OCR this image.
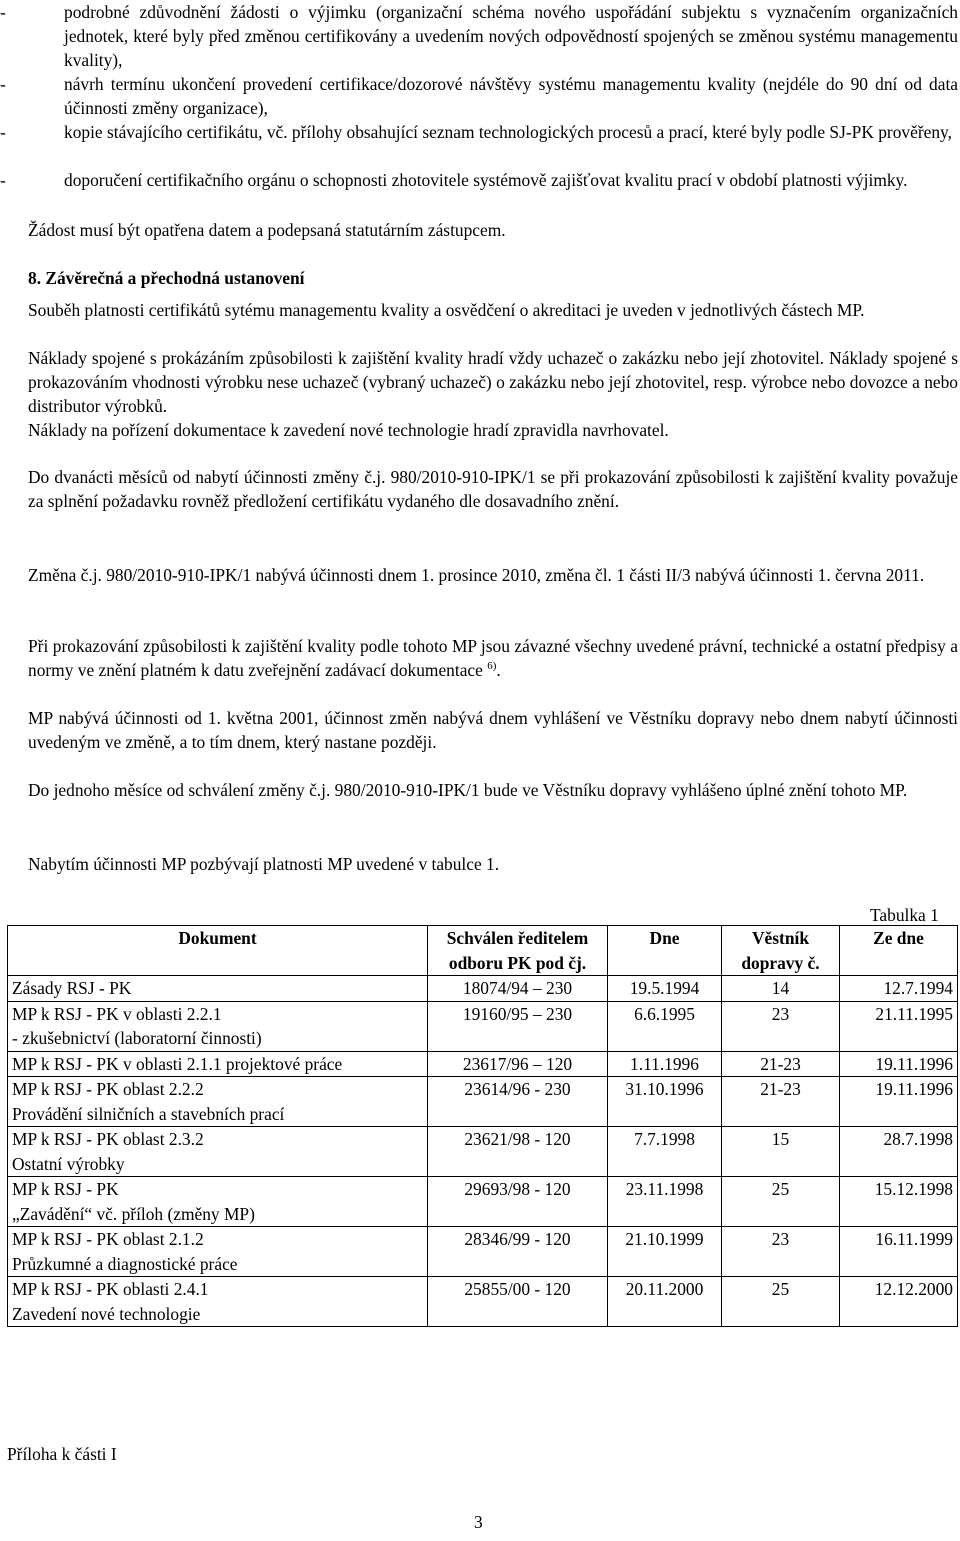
-	podrobné zdůvodnění žádosti o výjimku (organizační schéma nového uspořádání subjektu s vyznačením organizačních jednotek, které byly před změnou certifikovány a uvedením nových odpovědností spojených se změnou systému managementu kvality),
-	návrh termínu ukončení provedení certifikace/dozorové návštěvy systému managementu kvality (nejdéle do 90 dní od data účinnosti změny organizace),
-	kopie stávajícího certifikátu, vč. přílohy obsahující seznam technologických procesů a prací, které byly podle SJ-PK prověřeny,
-	doporučení certifikačního orgánu o schopnosti zhotovitele systémově zajišťovat kvalitu prací v období platnosti výjimky.
Žádost musí být opatřena datem a podepsaná statutárním zástupcem.
8. Závěrečná a přechodná ustanovení
Souběh platnosti certifikátů sytému managementu kvality a osvědčení o akreditaci je uveden v jednotlivých částech MP.
Náklady spojené s prokázáním způsobilosti k zajištění kvality hradí vždy uchazeč o zakázku nebo její zhotovitel. Náklady spojené s prokazováním vhodnosti výrobku nese uchazeč (vybraný uchazeč) o zakázku nebo její zhotovitel, resp. výrobce nebo dovozce a nebo distributor výrobků.
Náklady na pořízení dokumentace k zavedení nové technologie hradí zpravidla navrhovatel.
Do dvanácti měsíců od nabytí účinnosti změny č.j. 980/2010-910-IPK/1 se při prokazování způsobilosti k zajištění kvality považuje za splnění požadavku rovněž předložení certifikátu vydaného dle dosavadního znění.
Změna č.j. 980/2010-910-IPK/1 nabývá účinnosti dnem 1. prosince 2010, změna čl. 1 části II/3 nabývá účinnosti 1. června 2011.
Při prokazování způsobilosti k zajištění kvality podle tohoto MP jsou závazné všechny uvedené právní, technické a ostatní předpisy a normy ve znění platném k datu zveřejnění zadávací dokumentace $^{6)}$.
MP nabývá účinnosti od 1. května 2001, účinnost změn nabývá dnem vyhlášení ve Věstníku dopravy nebo dnem nabytí účinnosti uvedeným ve změně, a to tím dnem, který nastane později.
Do jednoho měsíce od schválení změny č.j. 980/2010-910-IPK/1 bude ve Věstníku dopravy vyhlášeno úplné znění tohoto MP.
Nabytím účinnosti MP pozbývají platnosti MP uvedené v tabulce 1.
Tabulka 1
Dokument	Schválen ředitelem odboru PK pod čj.	Dne	Věstník dopravy č.	Ze dne

Zásady RSJ - PK	18074/94 – 230	19.5.1994	14	12.7.1994

MP k RSJ - PK v oblasti 2.2.1
- zkušebnictví (laboratorní činnosti)	19160/95 – 230	6.6.1995	23	21.11.1995

MP k RSJ - PK v oblasti 2.1.1 projektové práce	23617/96 – 120	1.11.1996	21-23	19.11.1996

MP k RSJ - PK oblast 2.2.2
Provádění silničních a stavebních prací	23614/96 - 230	31.10.1996	21-23	19.11.1996

MP k RSJ - PK oblast 2.3.2
Ostatní výrobky	23621/98 - 120	7.7.1998	15	28.7.1998

MP k RSJ - PK
„Zavádění“ vč. příloh (změny MP)	29693/98 - 120	23.11.1998	25	15.12.1998

MP k RSJ - PK oblast 2.1.2
Průzkumné a diagnostické práce	28346/99 - 120	21.10.1999	23	16.11.1999

MP k RSJ - PK oblasti 2.4.1
Zavedení nové technologie	25855/00 - 120	20.11.2000	25	12.12.2000
Příloha k části I
3
